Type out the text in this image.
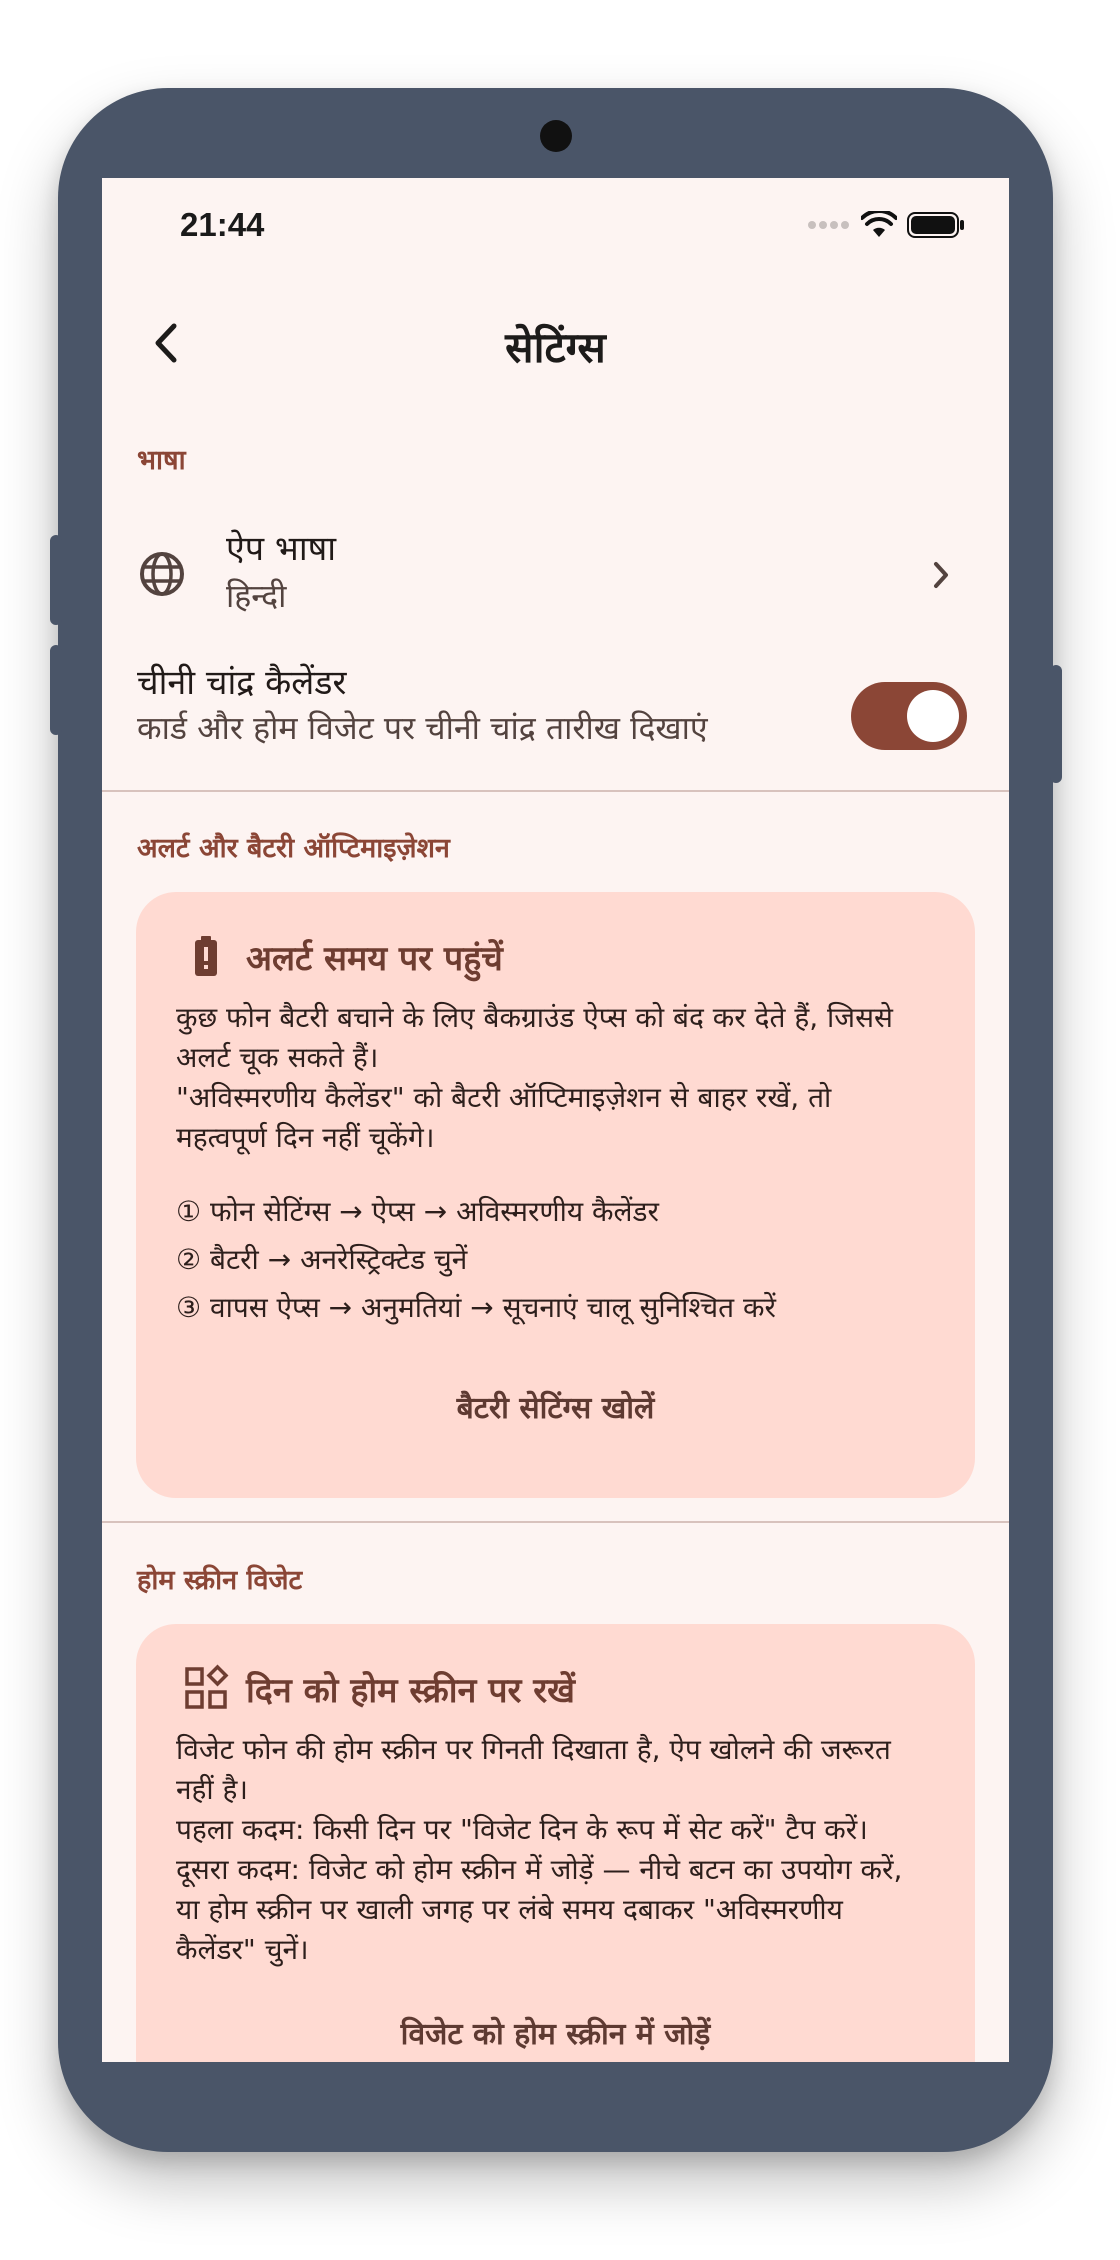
21:44
सेटिंग्स
भाषा
ऐप भाषा
हिन्दी
चीनी चांद्र कैलेंडर
कार्ड और होम विजेट पर चीनी चांद्र तारीख दिखाएं
अलर्ट और बैटरी ऑप्टिमाइज़ेशन
अलर्ट समय पर पहुंचें
कुछ फोन बैटरी बचाने के लिए बैकग्राउंड ऐप्स को बंद कर देते हैं, जिससे
अलर्ट चूक सकते हैं।
"अविस्मरणीय कैलेंडर" को बैटरी ऑप्टिमाइज़ेशन से बाहर रखें, तो
महत्वपूर्ण दिन नहीं चूकेंगे।
① फोन सेटिंग्स → ऐप्स → अविस्मरणीय कैलेंडर
② बैटरी → अनरेस्ट्रिक्टेड चुनें
③ वापस ऐप्स → अनुमतियां → सूचनाएं चालू सुनिश्चित करें
बैटरी सेटिंग्स खोलें
होम स्क्रीन विजेट
दिन को होम स्क्रीन पर रखें
विजेट फोन की होम स्क्रीन पर गिनती दिखाता है, ऐप खोलने की जरूरत
नहीं है।
पहला कदम: किसी दिन पर "विजेट दिन के रूप में सेट करें" टैप करें।
दूसरा कदम: विजेट को होम स्क्रीन में जोड़ें — नीचे बटन का उपयोग करें,
या होम स्क्रीन पर खाली जगह पर लंबे समय दबाकर "अविस्मरणीय
कैलेंडर" चुनें।
विजेट को होम स्क्रीन में जोड़ें
